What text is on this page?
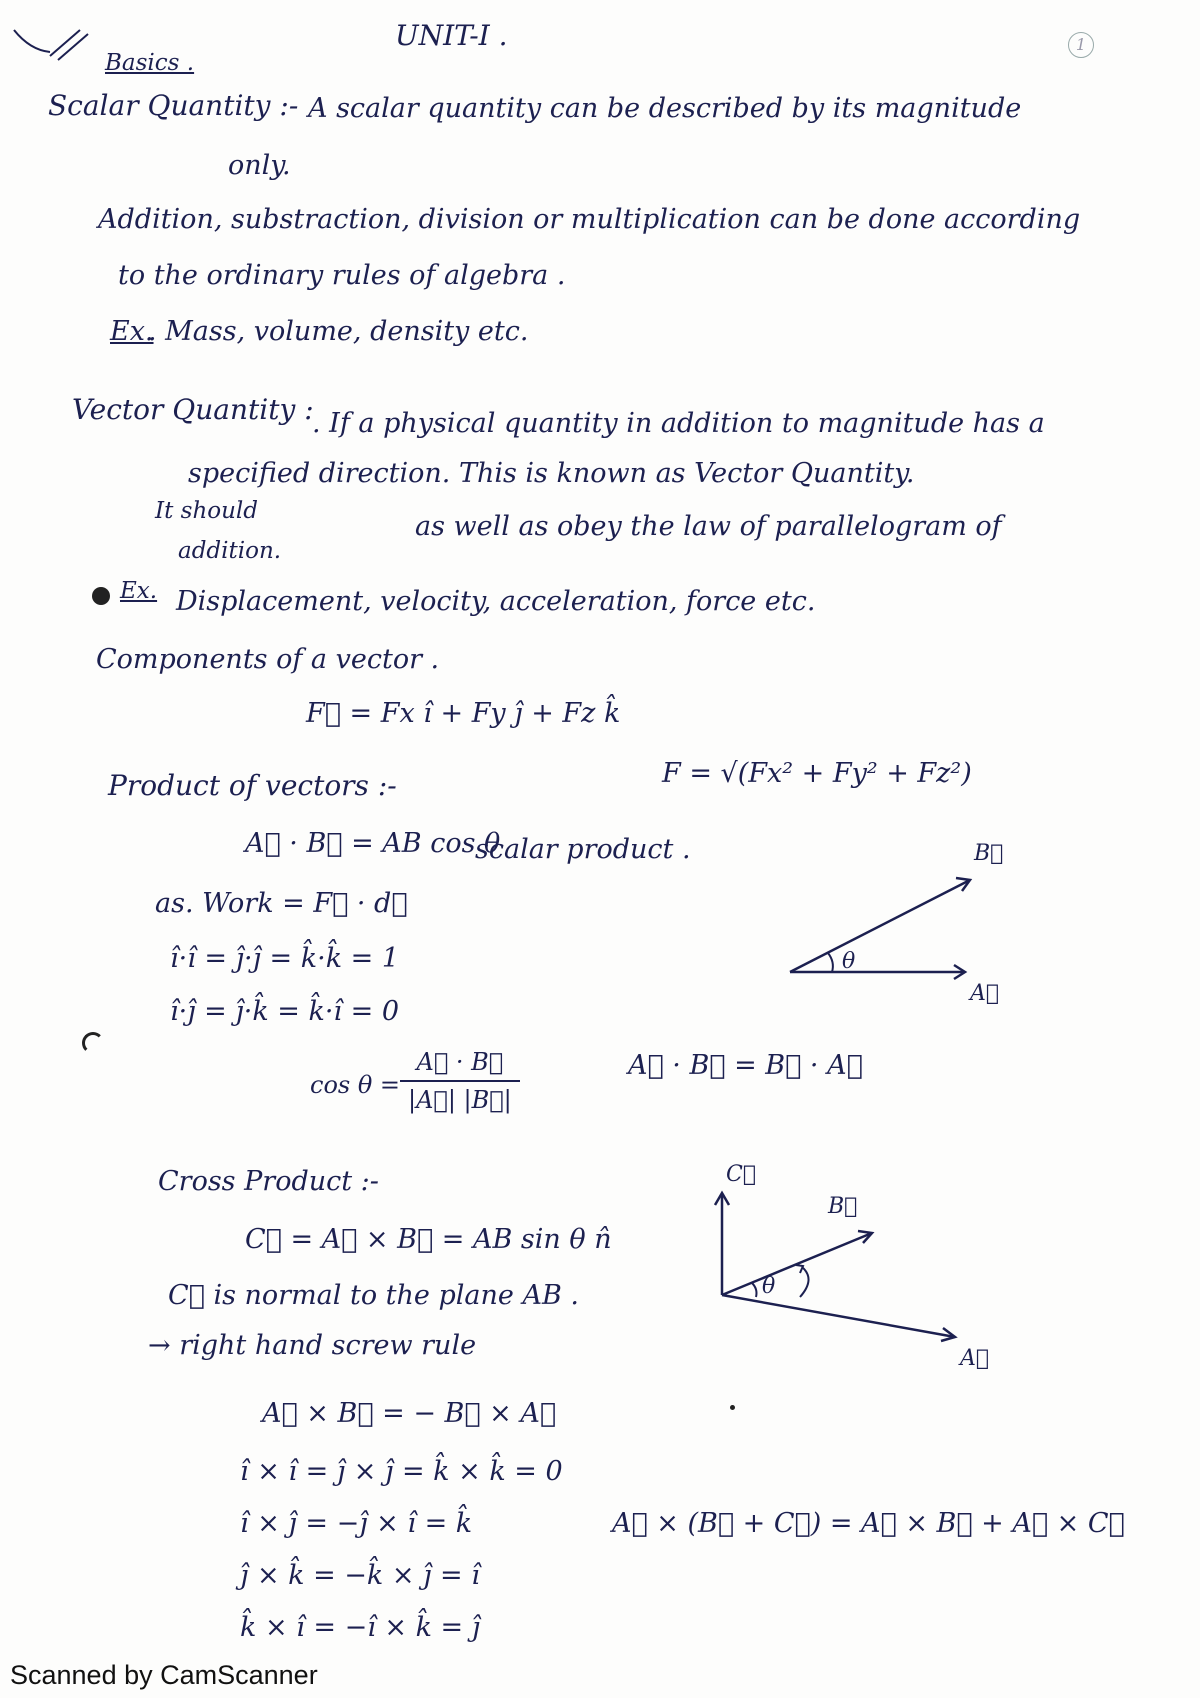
UNIT-I .	1
Basics .
Scalar Quantity :- A scalar quantity can be described by its magnitude
only.
Addition, substraction, division or multiplication can be done according
to the ordinary rules of algebra .
Ex.
. Mass, volume, density etc.
Vector Quantity :
. If a physical quantity in addition to magnitude has a
specified direction. This is known as Vector Quantity.
It should	as well as obey the law of parallelogram of
addition.
Ex. Displacement, velocity, acceleration, force etc.
Components of a vector .
F⃗ = Fx î + Fy ĵ + Fz k̂
F = √(Fx² + Fy² + Fz²)
Product of vectors :-
A⃗ · B⃗ = AB cos θ
scalar product .
as. Work = F⃗ · d⃗
î·î = ĵ·ĵ = k̂·k̂ = 1
î·ĵ = ĵ·k̂ = k̂·î = 0
$\cos \theta = \frac{A⃗ \cdot B⃗}{|A⃗| |B⃗|}$	A⃗ · B⃗ = B⃗ · A⃗
B⃗
A⃗
θ
Cross Product :-
C⃗ = A⃗ × B⃗ = AB sin θ n̂
C⃗ is normal to the plane AB .
→ right hand screw rule
A⃗ × B⃗ = − B⃗ × A⃗
î × î = ĵ × ĵ = k̂ × k̂ = 0
î × ĵ = −ĵ × î = k̂
ĵ × k̂ = −k̂ × ĵ = î
k̂ × î = −î × k̂ = ĵ
A⃗ × (B⃗ + C⃗) = A⃗ × B⃗ + A⃗ × C⃗
C⃗
B⃗
A⃗
θ
Scanned by CamScanner
